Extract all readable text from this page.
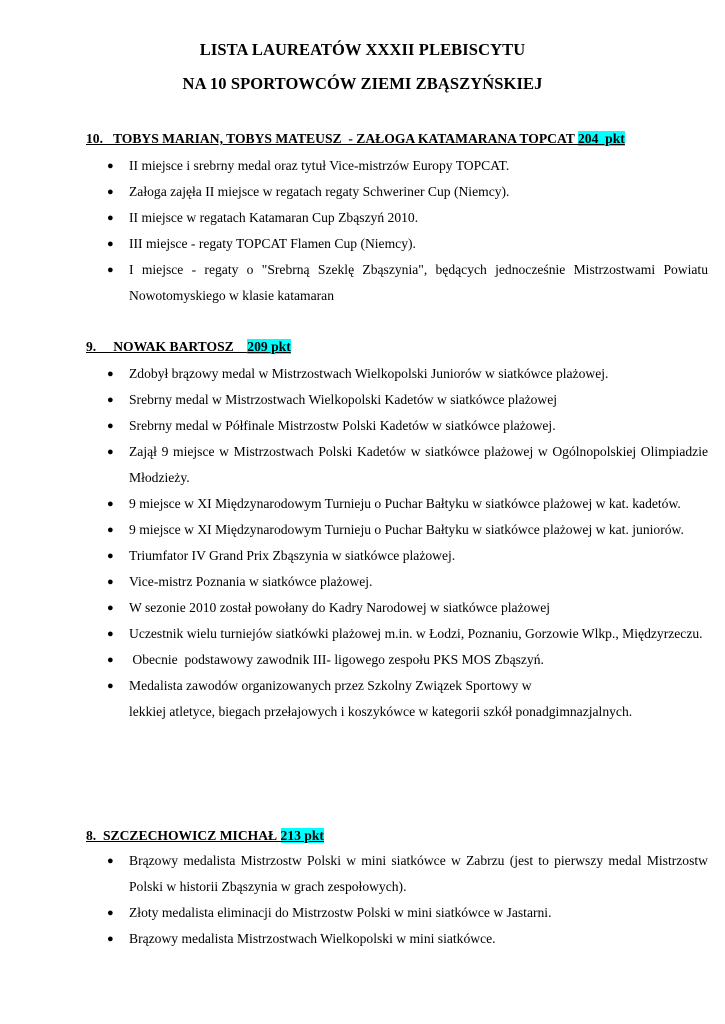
LISTA LAUREATÓW XXXII PLEBISCYTU
NA 10 SPORTOWCÓW ZIEMI ZBĄSZYŃSKIEJ
10.   TOBYS MARIAN, TOBYS MATEUSZ  - ZAŁOGA KATAMARANA TOPCAT 204  pkt
● II miejsce i srebrny medal oraz tytuł Vice-mistrzów Europy TOPCAT.
● Załoga zajęła II miejsce w regatach regaty Schweriner Cup (Niemcy).
● II miejsce w regatach Katamaran Cup Zbąszyń 2010.
● III miejsce - regaty TOPCAT Flamen Cup (Niemcy).
● I miejsce - regaty o "Srebrną Szeklę Zbąszynia", będących jednocześnie Mistrzostwami Powiatu Nowotomyskiego w klasie katamaran
9.     NOWAK BARTOSZ    209 pkt
● Zdobył brązowy medal w Mistrzostwach Wielkopolski Juniorów w siatkówce plażowej.
● Srebrny medal w Mistrzostwach Wielkopolski Kadetów w siatkówce plażowej
● Srebrny medal w Półfinale Mistrzostw Polski Kadetów w siatkówce plażowej.
● Zajął 9 miejsce w Mistrzostwach Polski Kadetów w siatkówce plażowej w Ogólnopolskiej Olimpiadzie Młodzieży.
● 9 miejsce w XI Międzynarodowym Turnieju o Puchar Bałtyku w siatkówce plażowej w kat. kadetów.
● 9 miejsce w XI Międzynarodowym Turnieju o Puchar Bałtyku w siatkówce plażowej w kat. juniorów.
● Triumfator IV Grand Prix Zbąszynia w siatkówce plażowej.
● Vice-mistrz Poznania w siatkówce plażowej.
● W sezonie 2010 został powołany do Kadry Narodowej w siatkówce plażowej
● Uczestnik wielu turniejów siatkówki plażowej m.in. w Łodzi, Poznaniu, Gorzowie Wlkp., Międzyrzeczu.
● Obecnie  podstawowy zawodnik III- ligowego zespołu PKS MOS Zbąszyń.
● Medalista zawodów organizowanych przez Szkolny Związek Sportowy w
lekkiej atletyce, biegach przełajowych i koszykówce w kategorii szkół ponadgimnazjalnych.
8.  SZCZECHOWICZ MICHAŁ 213 pkt
● Brązowy medalista Mistrzostw Polski w mini siatkówce w Zabrzu (jest to pierwszy medal Mistrzostw Polski w historii Zbąszynia w grach zespołowych).
● Złoty medalista eliminacji do Mistrzostw Polski w mini siatkówce w Jastarni.
● Brązowy medalista Mistrzostwach Wielkopolski w mini siatkówce.
